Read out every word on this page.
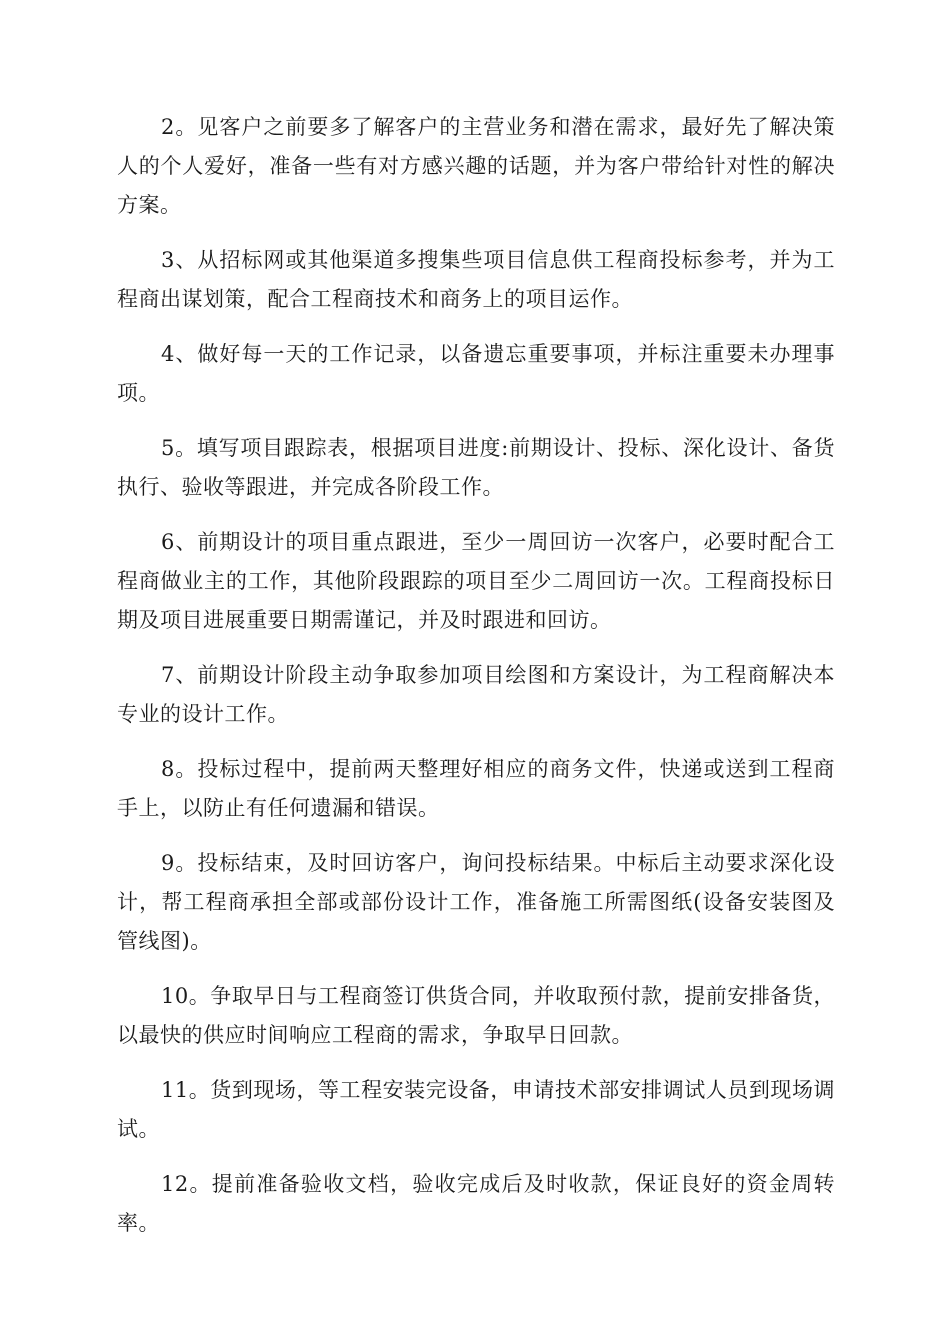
2。见客户之前要多了解客户的主营业务和潜在需求，最好先了解决策人的个人爱好，准备一些有对方感兴趣的话题，并为客户带给针对性的解决方案。

3、从招标网或其他渠道多搜集些项目信息供工程商投标参考，并为工程商出谋划策，配合工程商技术和商务上的项目运作。

4、做好每一天的工作记录，以备遗忘重要事项，并标注重要未办理事项。

5。填写项目跟踪表，根据项目进度:前期设计、投标、深化设计、备货执行、验收等跟进，并完成各阶段工作。

6、前期设计的项目重点跟进，至少一周回访一次客户，必要时配合工程商做业主的工作，其他阶段跟踪的项目至少二周回访一次。工程商投标日期及项目进展重要日期需谨记，并及时跟进和回访。

7、前期设计阶段主动争取参加项目绘图和方案设计，为工程商解决本专业的设计工作。

8。投标过程中，提前两天整理好相应的商务文件，快递或送到工程商手上，以防止有任何遗漏和错误。

9。投标结束，及时回访客户，询问投标结果。中标后主动要求深化设计，帮工程商承担全部或部份设计工作，准备施工所需图纸(设备安装图及管线图)。

10。争取早日与工程商签订供货合同，并收取预付款，提前安排备货，以最快的供应时间响应工程商的需求，争取早日回款。

11。货到现场，等工程安装完设备，申请技术部安排调试人员到现场调试。

12。提前准备验收文档，验收完成后及时收款，保证良好的资金周转率。
